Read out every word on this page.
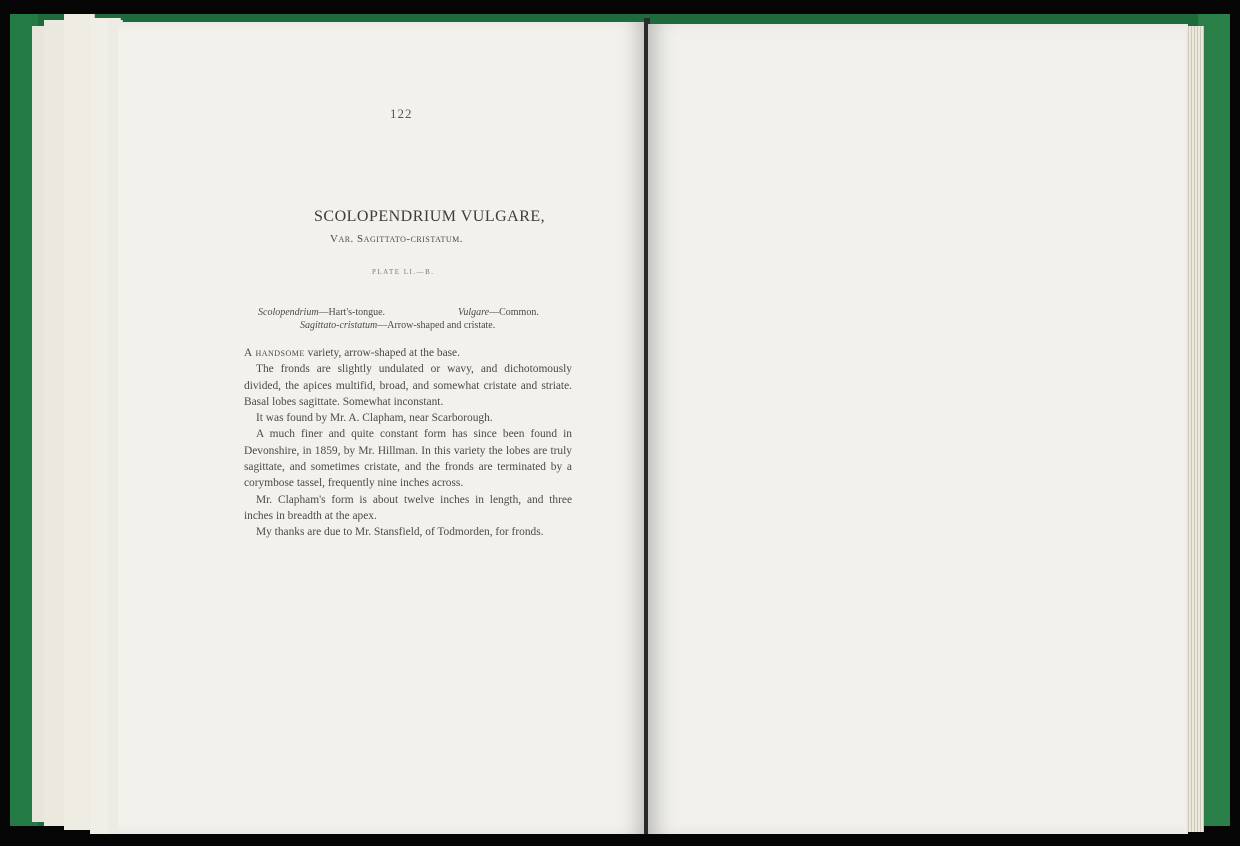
122
SCOLOPENDRIUM VULGARE,
Var. Sagittato-cristatum.
PLATE LI.—B.
Scolopendrium—Hart's-tongue.	Vulgare—Common.
Sagittato-cristatum—Arrow-shaped and cristate.

A handsome variety, arrow-shaped at the base.

The fronds are slightly undulated or wavy, and dichotomously divided, the apices multifid, broad, and somewhat cristate and striate. Basal lobes sagittate. Somewhat inconstant.

It was found by Mr. A. Clapham, near Scarborough.

A much finer and quite constant form has since been found in Devonshire, in 1859, by Mr. Hillman. In this variety the lobes are truly sagittate, and sometimes cristate, and the fronds are terminated by a corymbose tassel, frequently nine inches across.

Mr. Clapham's form is about twelve inches in length, and three inches in breadth at the apex.

My thanks are due to Mr. Stansfield, of Todmorden, for fronds.
